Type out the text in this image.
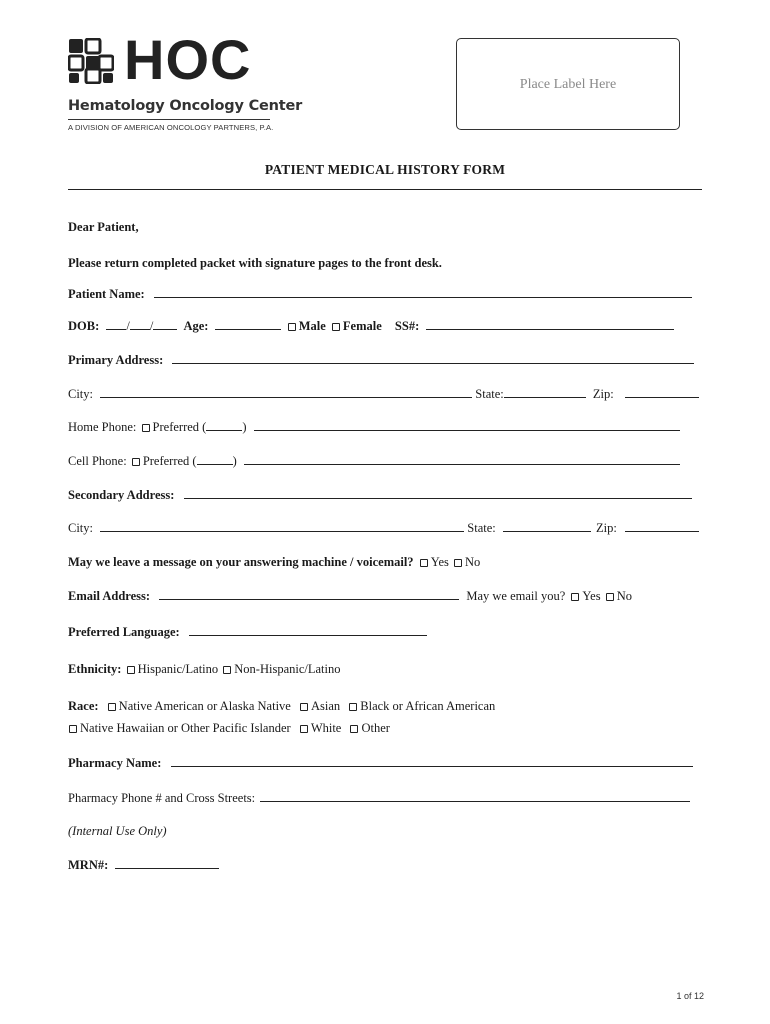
HOC
Hematology Oncology Center
A DIVISION OF AMERICAN ONCOLOGY PARTNERS, P.A.
Place Label Here
PATIENT MEDICAL HISTORY FORM
Dear Patient,
Please return completed packet with signature pages to the front desk.
Patient Name:
DOB: / / Age:	Male Female SS#:
Primary Address:
City:	State:	Zip:
Home Phone: Preferred (	)
Cell Phone: Preferred (	)
Secondary Address:
City:	State:	Zip:
May we leave a message on your answering machine / voicemail? Yes No
Email Address:	May we email you? Yes No
Preferred Language:
Ethnicity: Hispanic/Latino Non-Hispanic/Latino
Race: Native American or Alaska Native Asian Black or African American
Native Hawaiian or Other Pacific Islander White Other
Pharmacy Name:
Pharmacy Phone # and Cross Streets:
(Internal Use Only)
MRN#:
1 of 12
